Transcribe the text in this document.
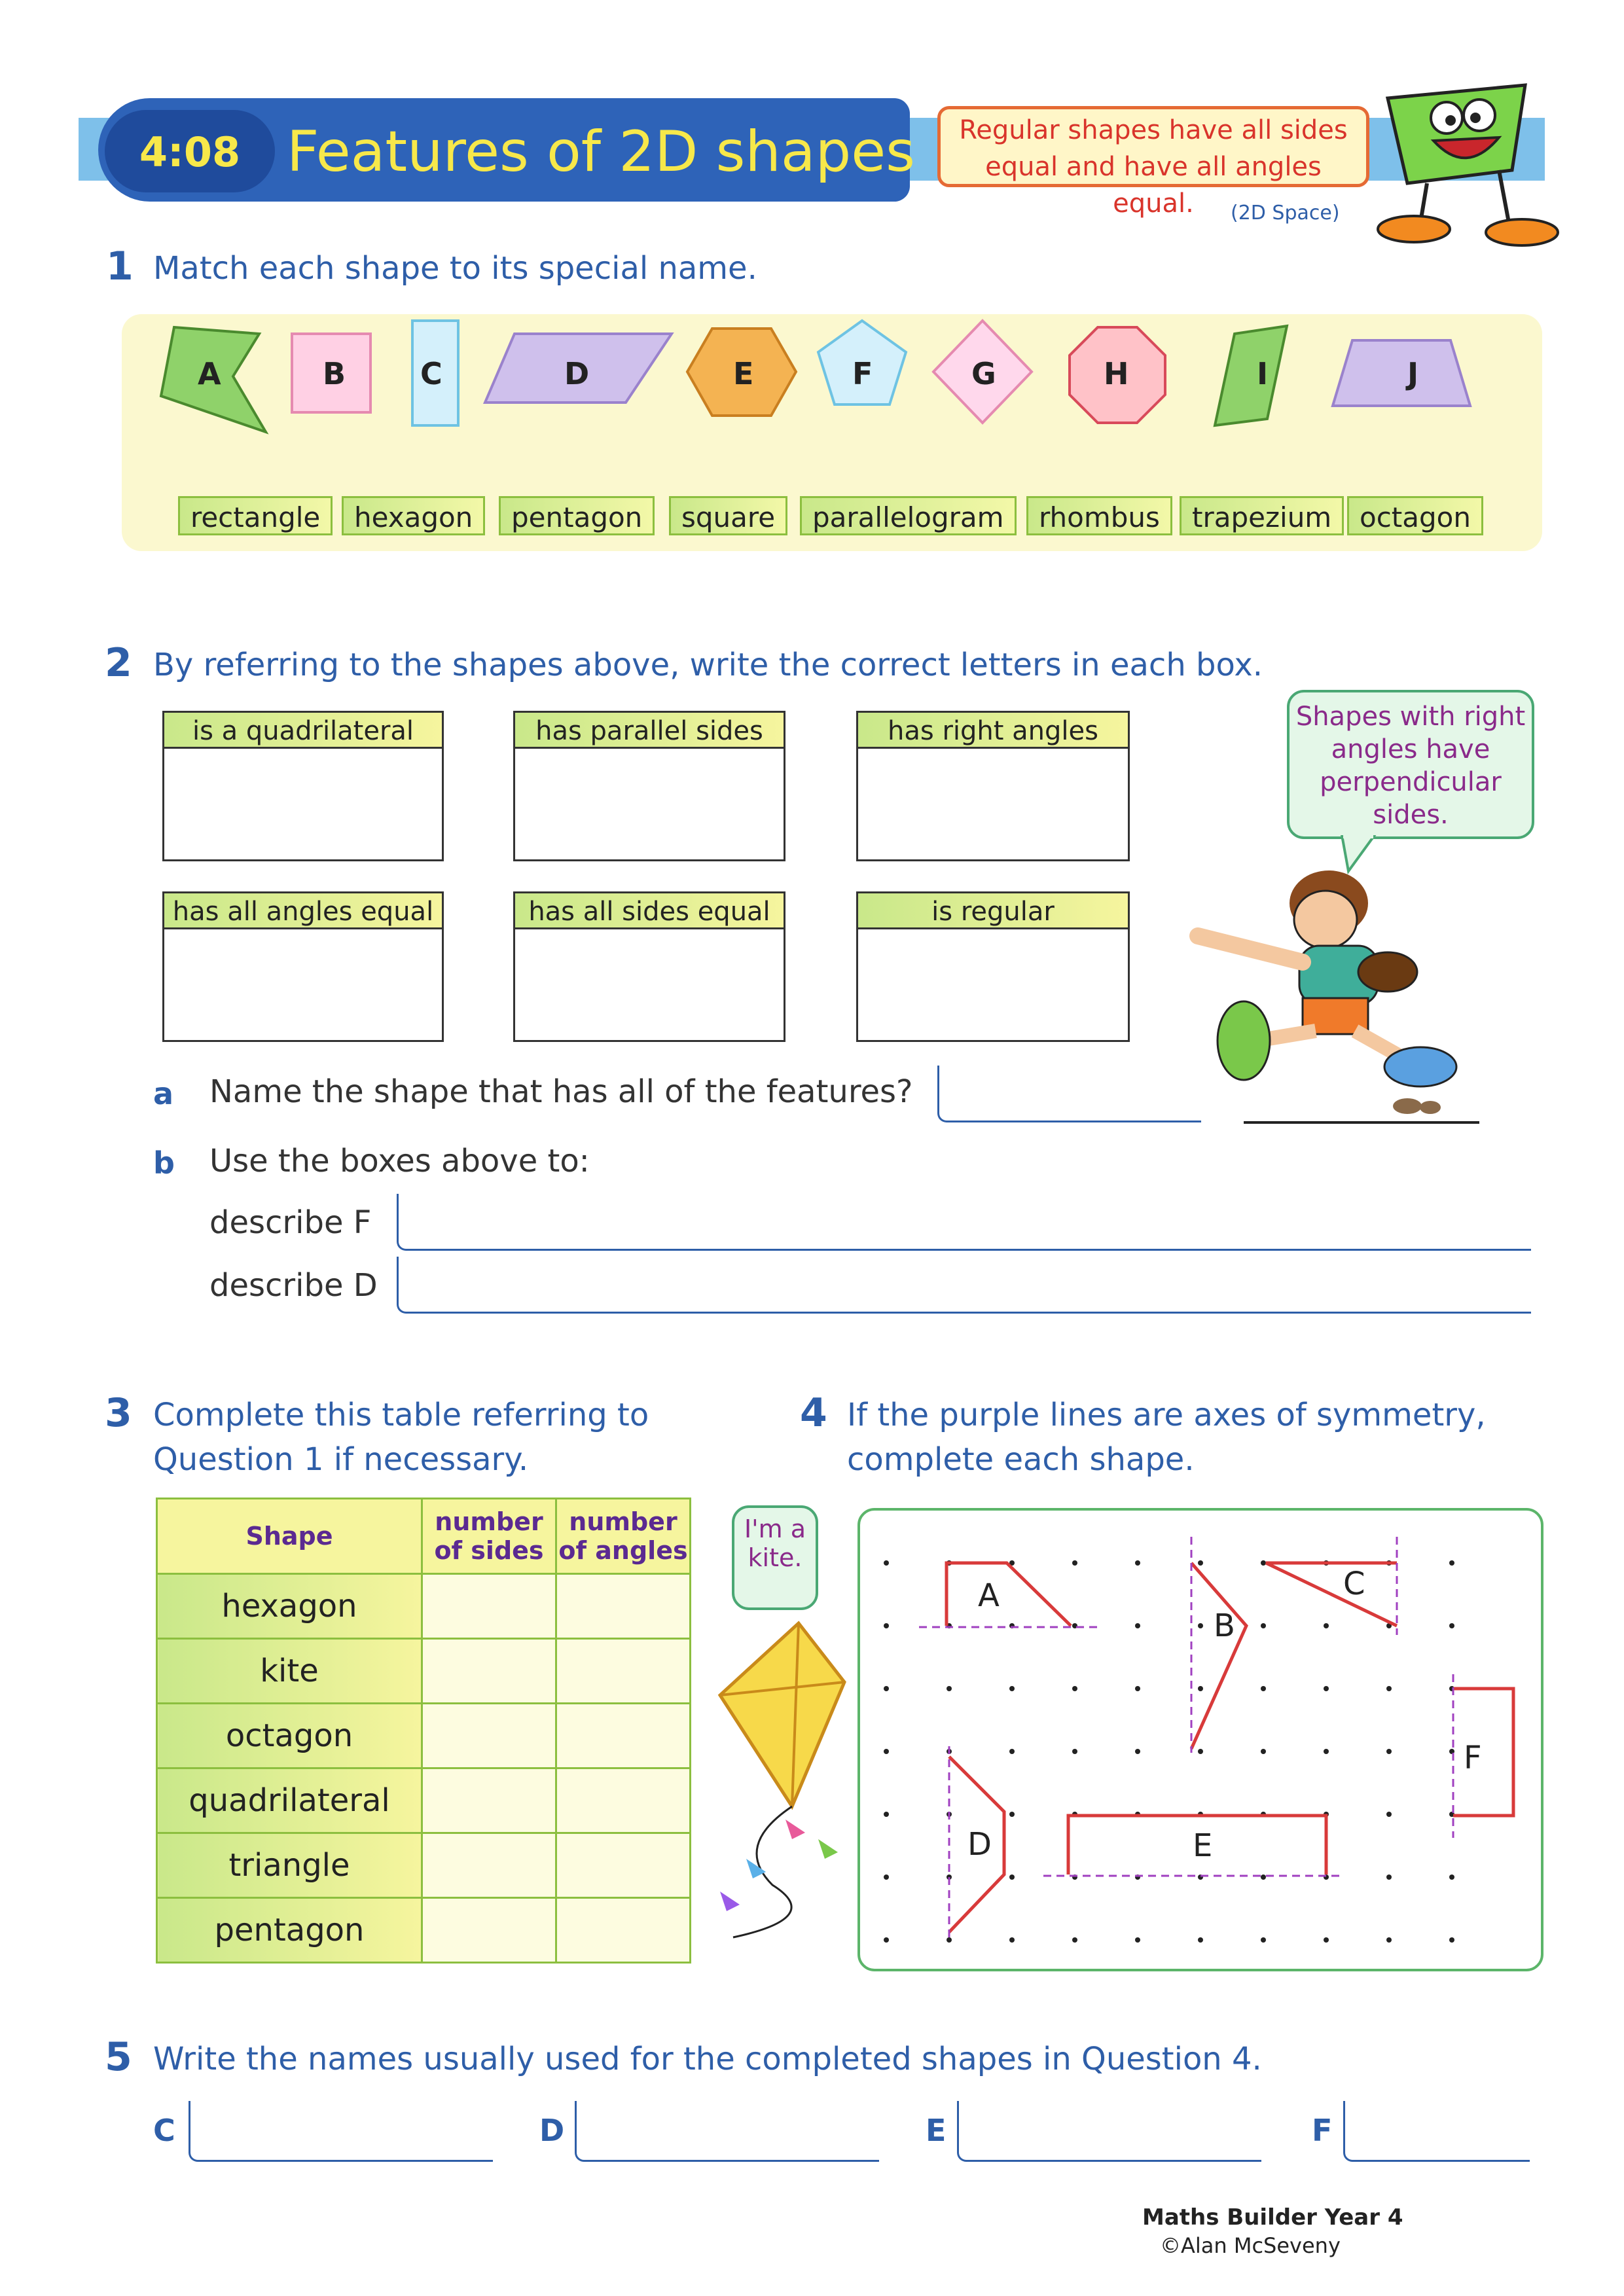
4:08 Features of 2D shapes	Regular shapes have all sides equal and have all angles equal.	(2D Space)
1 Match each shape to its special name.
A	B C	D	E	F	G	H	I	J
rectangle	hexagon	pentagon	square	parallelogram	rhombus	trapezium	octagon
2 By referring to the shapes above, write the correct letters in each box.
is a quadrilateral	has parallel sides	has right angles
has all angles equal	has all sides equal	is regular
Shapes with right angles have perpendicular sides.
a Name the shape that has all of the features?
b Use the boxes above to:
describe F
describe D
3 Complete this table referring to
Question 1 if necessary.
Shape	number of sides	number of angles
hexagon		
kite		
octagon		
quadrilateral		
triangle		
pentagon		
I'm a kite.
4 If the purple lines are axes of symmetry,
complete each shape.
A
B
C
D	E
F
5 Write the names usually used for the completed shapes in Question 4.
C	D	E	F
Maths Builder Year 4
©Alan McSeveny
